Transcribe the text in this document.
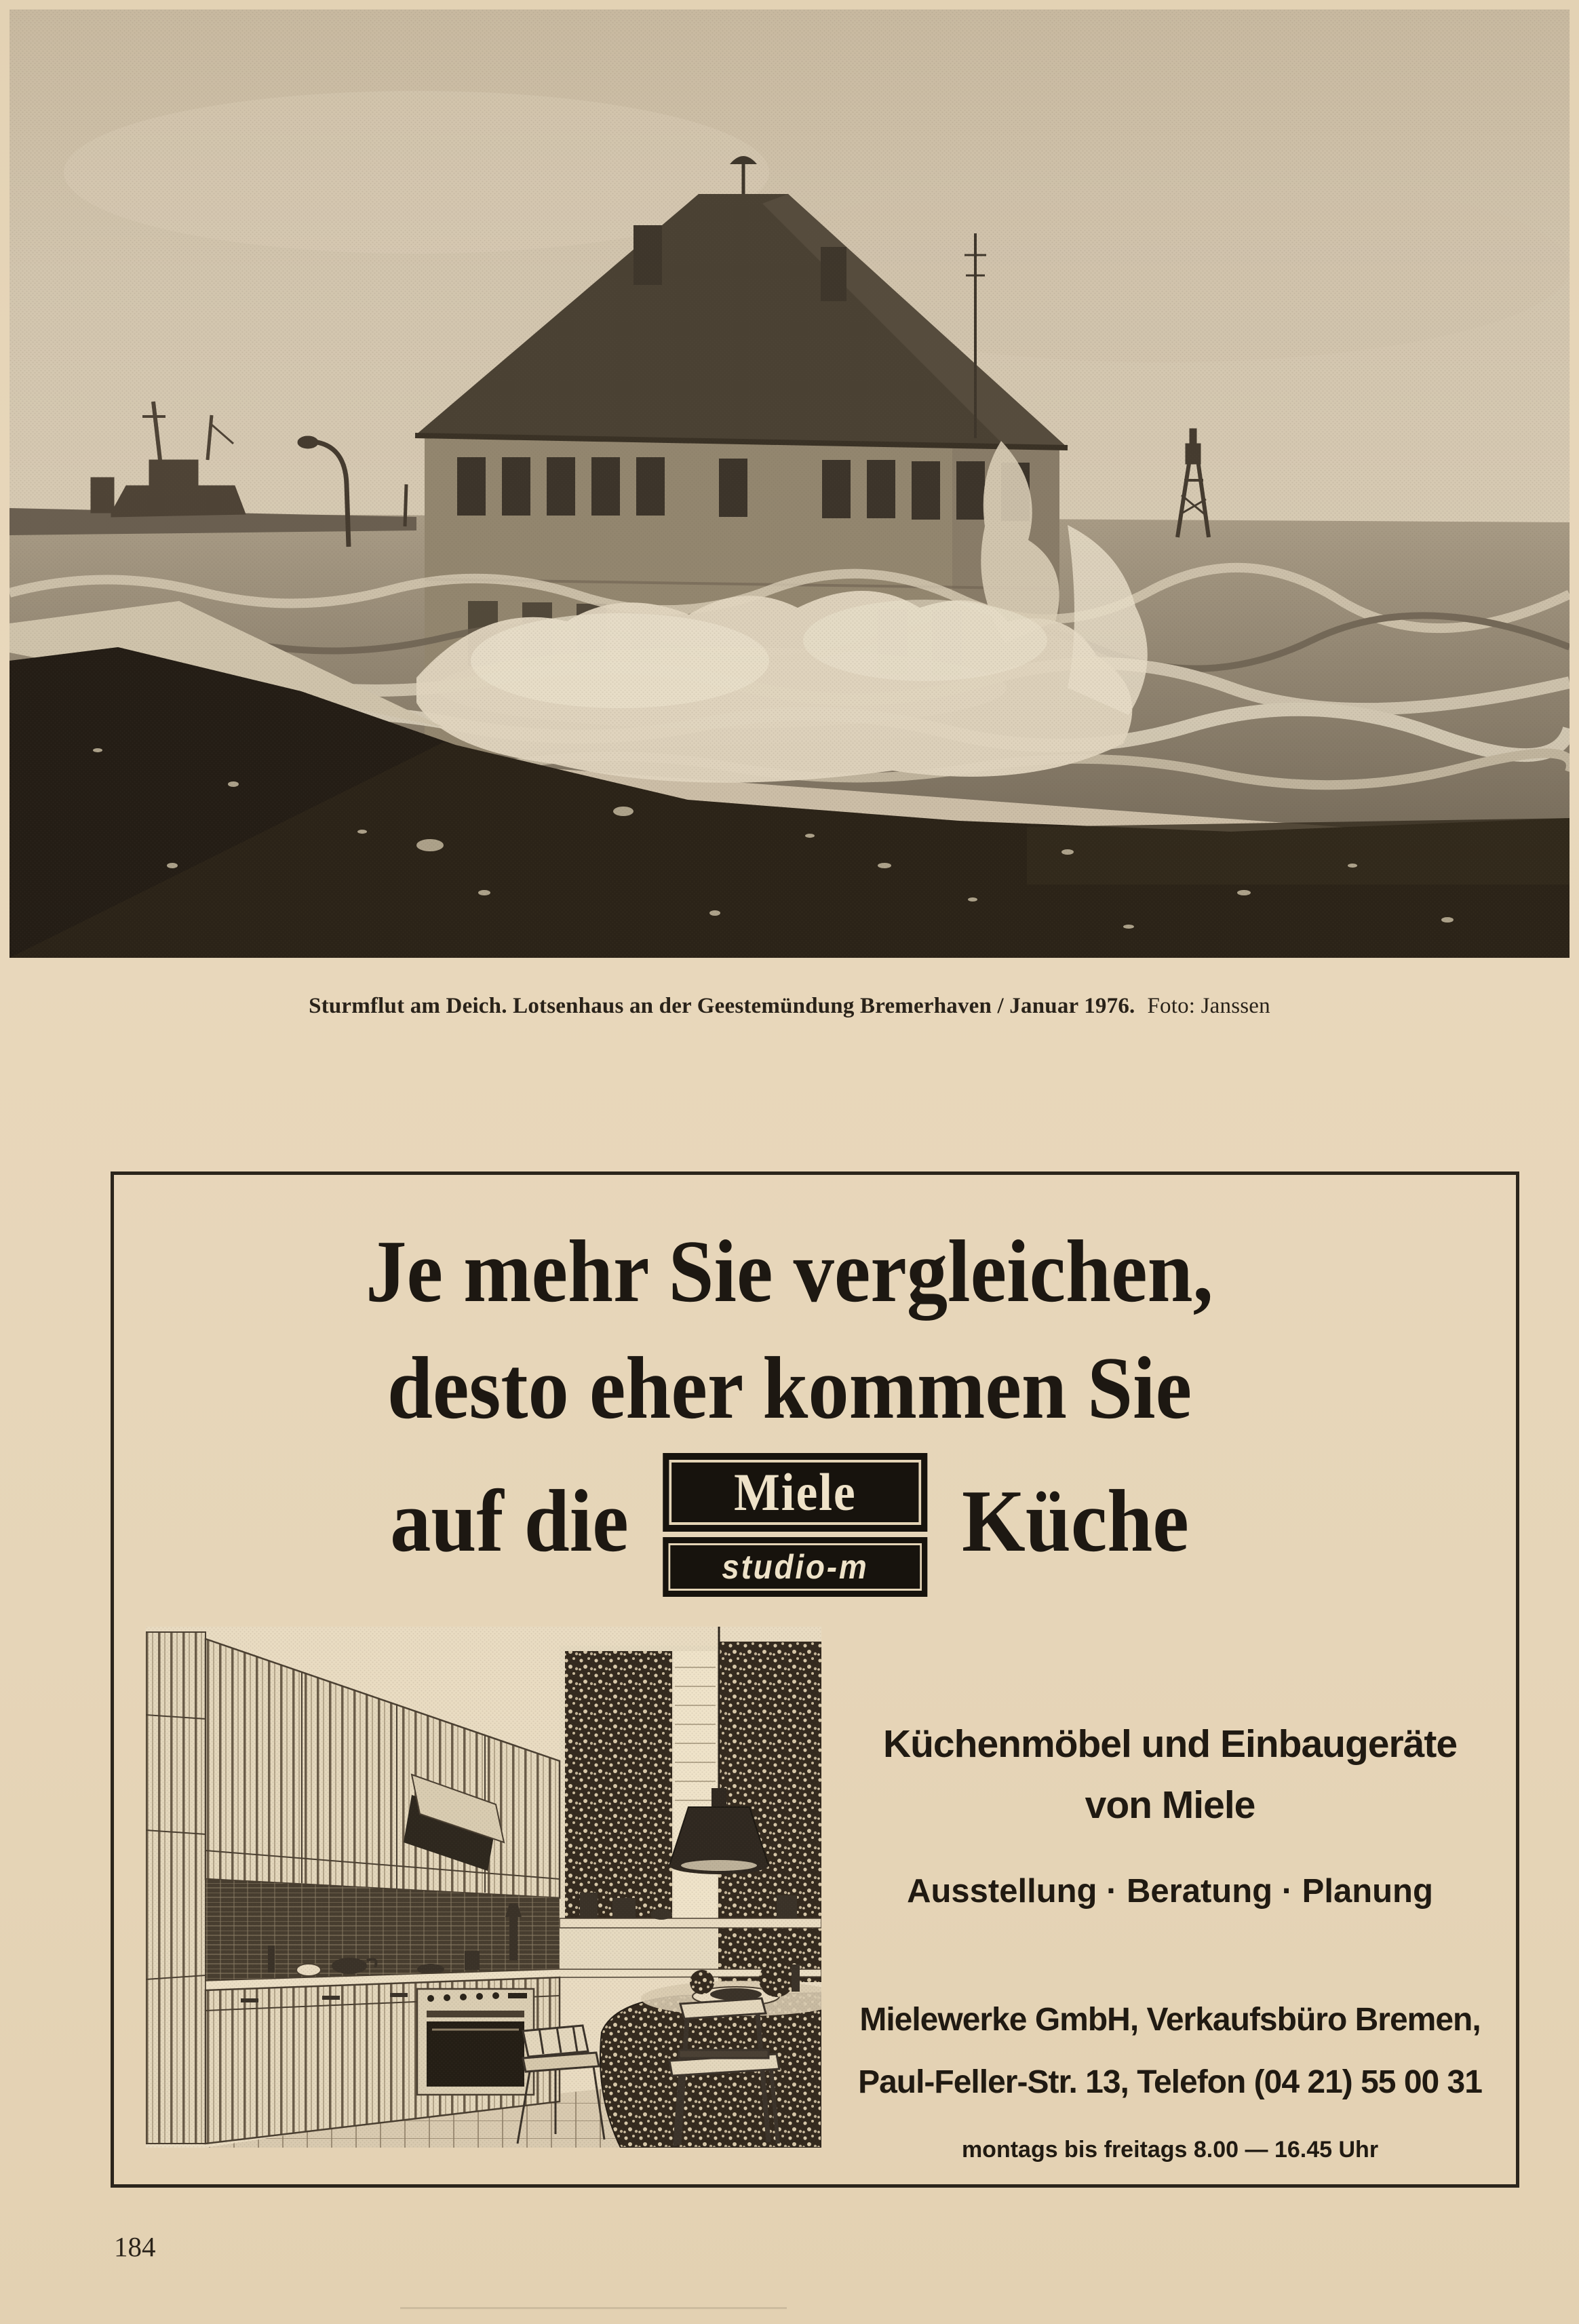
Sturmflut am Deich. Lotsenhaus an der Geestemündung Bremerhaven / Januar 1976. Foto: Janssen
Je mehr Sie vergleichen,
desto eher kommen Sie
auf die	Miele
studio-m	Küche
Küchenmöbel und Einbaugeräte
von Miele
Ausstellung · Beratung · Planung
Mielewerke GmbH, Verkaufsbüro Bremen,
Paul-Feller-Str. 13, Telefon (04 21) 55 00 31
montags bis freitags 8.00 — 16.45 Uhr
184
